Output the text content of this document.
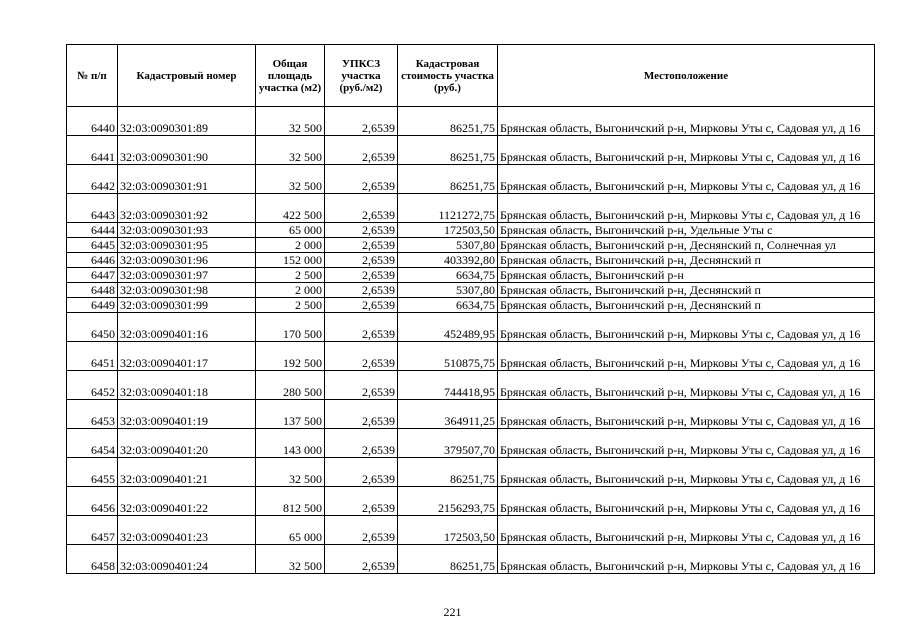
№ п/п	Кадастровый номер	Общая площадь участка (м2)	УПКСЗ участка (руб./м2)	Кадастровая стоимость участка (руб.)	Местоположение
6440	32:03:0090301:89	32 500	2,6539	86251,75	Брянская область, Выгоничский р-н, Мирковы Уты с, Садовая ул, д 16
6441	32:03:0090301:90	32 500	2,6539	86251,75	Брянская область, Выгоничский р-н, Мирковы Уты с, Садовая ул, д 16
6442	32:03:0090301:91	32 500	2,6539	86251,75	Брянская область, Выгоничский р-н, Мирковы Уты с, Садовая ул, д 16
6443	32:03:0090301:92	422 500	2,6539	1121272,75	Брянская область, Выгоничский р-н, Мирковы Уты с, Садовая ул, д 16
6444	32:03:0090301:93	65 000	2,6539	172503,50	Брянская область, Выгоничский р-н, Удельные Уты с
6445	32:03:0090301:95	2 000	2,6539	5307,80	Брянская область, Выгоничский р-н, Деснянский п, Солнечная ул
6446	32:03:0090301:96	152 000	2,6539	403392,80	Брянская область, Выгоничский р-н, Деснянский п
6447	32:03:0090301:97	2 500	2,6539	6634,75	Брянская область, Выгоничский р-н
6448	32:03:0090301:98	2 000	2,6539	5307,80	Брянская область, Выгоничский р-н, Деснянский п
6449	32:03:0090301:99	2 500	2,6539	6634,75	Брянская область, Выгоничский р-н, Деснянский п
6450	32:03:0090401:16	170 500	2,6539	452489,95	Брянская область, Выгоничский р-н, Мирковы Уты с, Садовая ул, д 16
6451	32:03:0090401:17	192 500	2,6539	510875,75	Брянская область, Выгоничский р-н, Мирковы Уты с, Садовая ул, д 16
6452	32:03:0090401:18	280 500	2,6539	744418,95	Брянская область, Выгоничский р-н, Мирковы Уты с, Садовая ул, д 16
6453	32:03:0090401:19	137 500	2,6539	364911,25	Брянская область, Выгоничский р-н, Мирковы Уты с, Садовая ул, д 16
6454	32:03:0090401:20	143 000	2,6539	379507,70	Брянская область, Выгоничский р-н, Мирковы Уты с, Садовая ул, д 16
6455	32:03:0090401:21	32 500	2,6539	86251,75	Брянская область, Выгоничский р-н, Мирковы Уты с, Садовая ул, д 16
6456	32:03:0090401:22	812 500	2,6539	2156293,75	Брянская область, Выгоничский р-н, Мирковы Уты с, Садовая ул, д 16
6457	32:03:0090401:23	65 000	2,6539	172503,50	Брянская область, Выгоничский р-н, Мирковы Уты с, Садовая ул, д 16
6458	32:03:0090401:24	32 500	2,6539	86251,75	Брянская область, Выгоничский р-н, Мирковы Уты с, Садовая ул, д 16
221
